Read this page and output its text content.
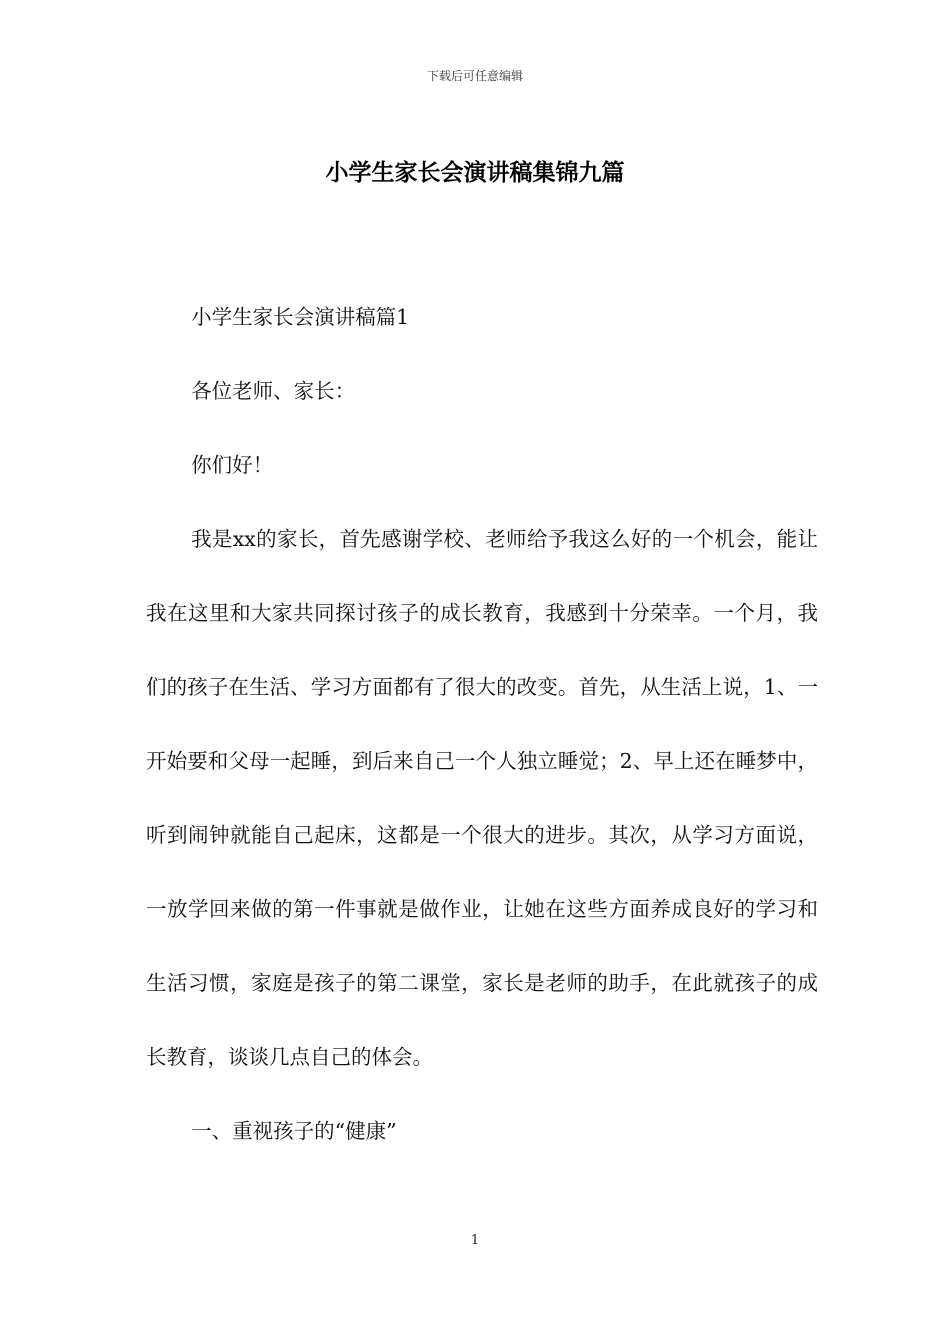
下载后可任意编辑
小学生家长会演讲稿集锦九篇

小学生家长会演讲稿篇1

各位老师、家长：

你们好！

我是xx的家长，首先感谢学校、老师给予我这么好的一个机会，能让我在这里和大家共同探讨孩子的成长教育，我感到十分荣幸。一个月，我们的孩子在生活、学习方面都有了很大的改变。首先，从生活上说，1、一开始要和父母一起睡，到后来自己一个人独立睡觉；2、早上还在睡梦中，听到闹钟就能自己起床，这都是一个很大的进步。其次，从学习方面说，一放学回来做的第一件事就是做作业，让她在这些方面养成良好的学习和生活习惯，家庭是孩子的第二课堂，家长是老师的助手，在此就孩子的成长教育，谈谈几点自己的体会。

一、重视孩子的“健康”

1
